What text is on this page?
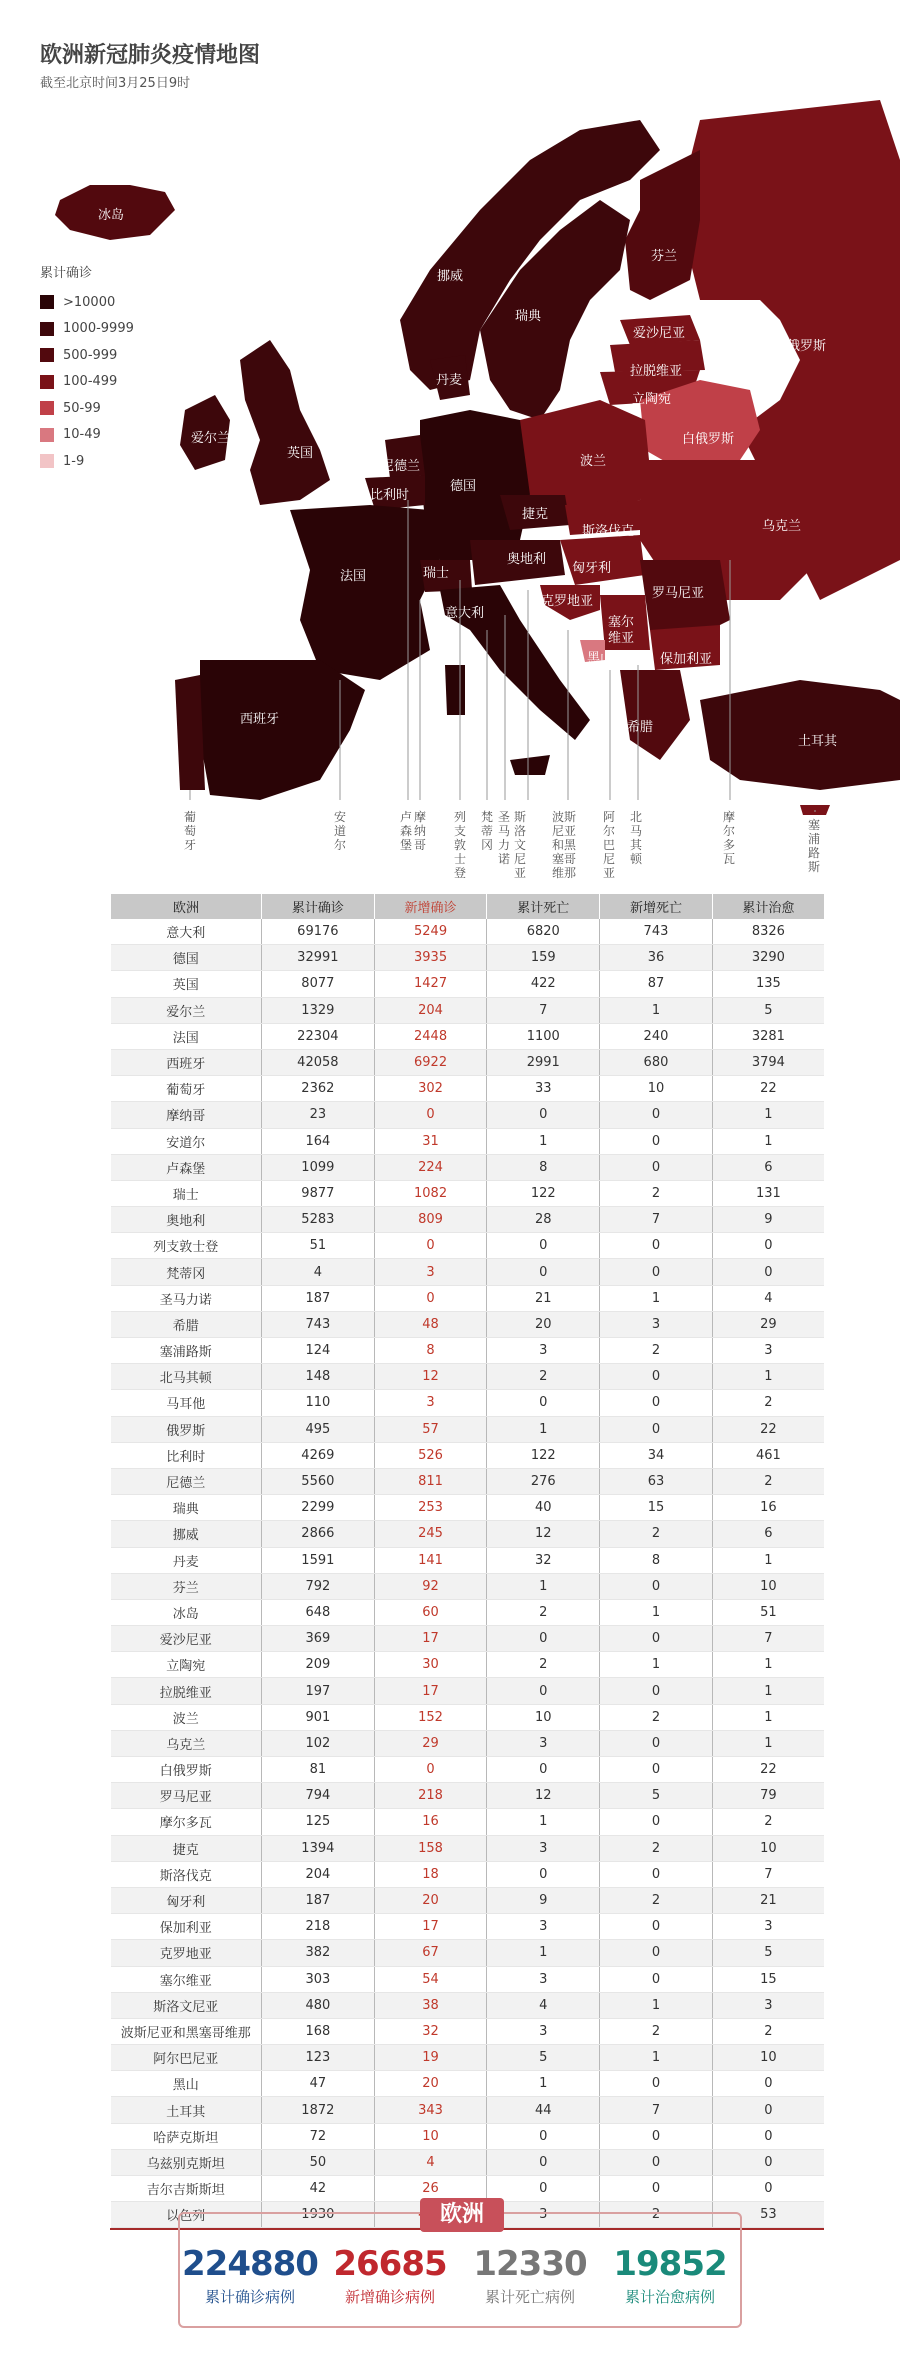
欧洲新冠肺炎疫情地图
截至北京时间3月25日9时
冰岛
挪威
瑞典
芬兰
俄罗斯
爱沙尼亚
拉脱维亚
立陶宛
白俄罗斯
丹麦
爱尔兰
英国
尼德兰
比利时
德国
波兰
乌克兰
捷克
斯洛伐克
法国	瑞士
奥地利
匈牙利
克罗地亚
罗马尼亚
塞尔维亚
黑山	保加利亚
意大利
西班牙
希腊
土耳其
葡萄牙
安道尔
卢森堡
摩纳哥
列支敦士登
梵蒂冈
圣马力诺
斯洛文尼亚
波斯尼亚和黑塞哥维那
阿尔巴尼亚
北马其顿
摩尔多瓦
塞浦路斯
累计确诊
>10000
1000-9999
500-999
100-499
50-99
10-49
1-9
欧洲	累计确诊	新增确诊	累计死亡	新增死亡	累计治愈
意大利	69176	5249	6820	743	8326
德国	32991	3935	159	36	3290
英国	8077	1427	422	87	135
爱尔兰	1329	204	7	1	5
法国	22304	2448	1100	240	3281
西班牙	42058	6922	2991	680	3794
葡萄牙	2362	302	33	10	22
摩纳哥	23	0	0	0	1
安道尔	164	31	1	0	1
卢森堡	1099	224	8	0	6
瑞士	9877	1082	122	2	131
奥地利	5283	809	28	7	9
列支敦士登	51	0	0	0	0
梵蒂冈	4	3	0	0	0
圣马力诺	187	0	21	1	4
希腊	743	48	20	3	29
塞浦路斯	124	8	3	2	3
北马其顿	148	12	2	0	1
马耳他	110	3	0	0	2
俄罗斯	495	57	1	0	22
比利时	4269	526	122	34	461
尼德兰	5560	811	276	63	2
瑞典	2299	253	40	15	16
挪威	2866	245	12	2	6
丹麦	1591	141	32	8	1
芬兰	792	92	1	0	10
冰岛	648	60	2	1	51
爱沙尼亚	369	17	0	0	7
立陶宛	209	30	2	1	1
拉脱维亚	197	17	0	0	1
波兰	901	152	10	2	1
乌克兰	102	29	3	0	1
白俄罗斯	81	0	0	0	22
罗马尼亚	794	218	12	5	79
摩尔多瓦	125	16	1	0	2
捷克	1394	158	3	2	10
斯洛伐克	204	18	0	0	7
匈牙利	187	20	9	2	21
保加利亚	218	17	3	0	3
克罗地亚	382	67	1	0	5
塞尔维亚	303	54	3	0	15
斯洛文尼亚	480	38	4	1	3
波斯尼亚和黑塞哥维那	168	32	3	2	2
阿尔巴尼亚	123	19	5	1	10
黑山	47	20	1	0	0
土耳其	1872	343	44	7	0
哈萨克斯坦	72	10	0	0	0
乌兹别克斯坦	50	4	0	0	0
吉尔吉斯斯坦	42	26	0	0	0
以色列	1930		3	2	53
欧洲
224880
累计确诊病例
26685
新增确诊病例
12330
累计死亡病例
19852
累计治愈病例
